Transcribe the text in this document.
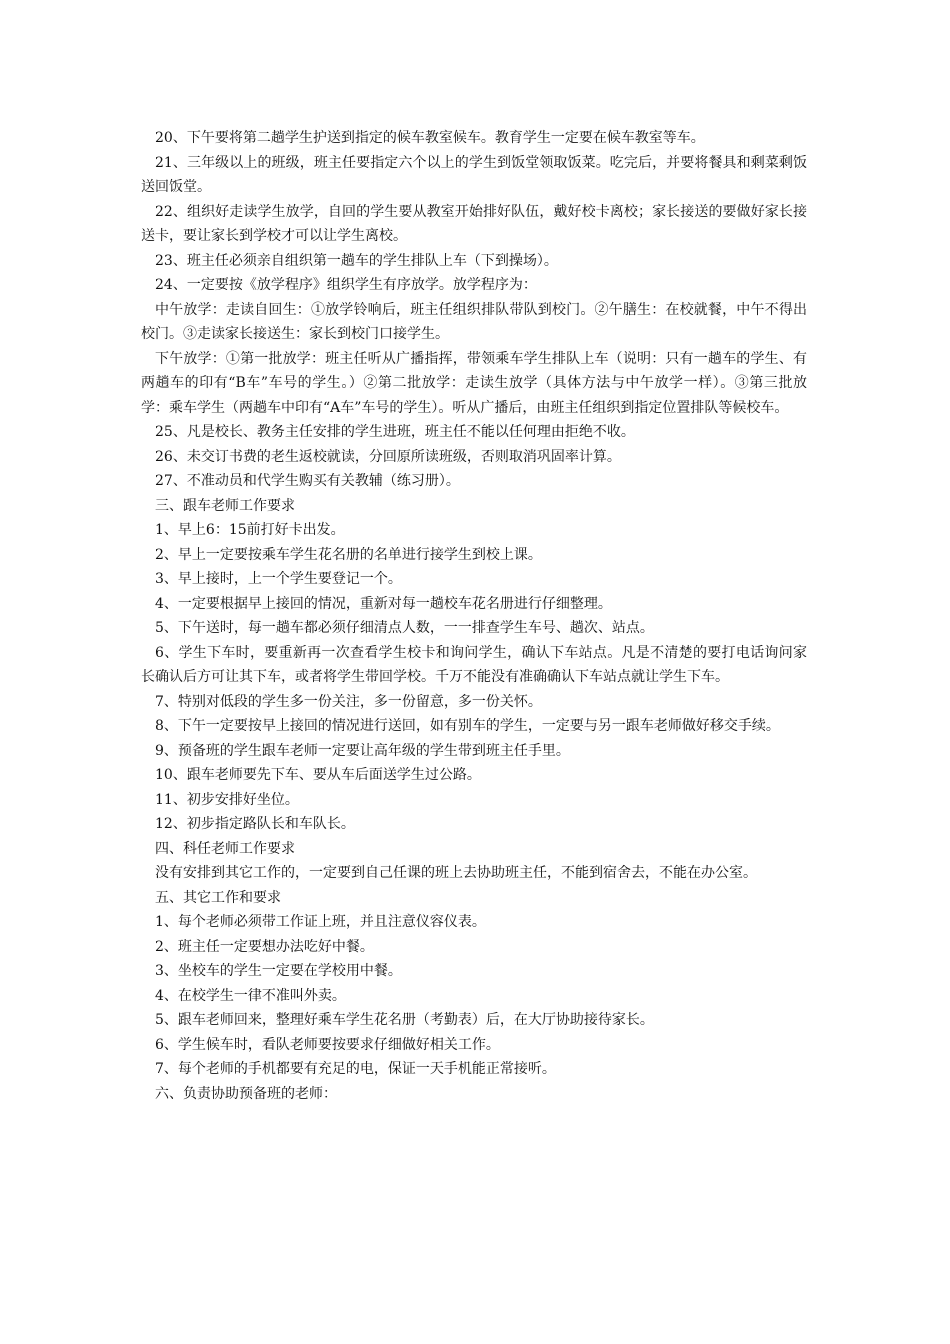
20、下午要将第二趟学生护送到指定的候车教室候车。教育学生一定要在候车教室等车。

21、三年级以上的班级，班主任要指定六个以上的学生到饭堂领取饭菜。吃完后，并要将餐具和剩菜剩饭送回饭堂。

22、组织好走读学生放学，自回的学生要从教室开始排好队伍，戴好校卡离校；家长接送的要做好家长接送卡，要让家长到学校才可以让学生离校。

23、班主任必须亲自组织第一趟车的学生排队上车（下到操场）。

24、一定要按《放学程序》组织学生有序放学。放学程序为：

中午放学：走读自回生：①放学铃响后，班主任组织排队带队到校门。②午膳生：在校就餐，中午不得出校门。③走读家长接送生：家长到校门口接学生。

下午放学：①第一批放学：班主任听从广播指挥，带领乘车学生排队上车（说明：只有一趟车的学生、有两趟车的印有“B车”车号的学生。）②第二批放学：走读生放学（具体方法与中午放学一样）。③第三批放学：乘车学生（两趟车中印有“A车”车号的学生）。听从广播后，由班主任组织到指定位置排队等候校车。

25、凡是校长、教务主任安排的学生进班，班主任不能以任何理由拒绝不收。

26、未交订书费的老生返校就读，分回原所读班级，否则取消巩固率计算。

27、不准动员和代学生购买有关教辅（练习册）。

三、跟车老师工作要求

1、早上6：15前打好卡出发。

2、早上一定要按乘车学生花名册的名单进行接学生到校上课。

3、早上接时，上一个学生要登记一个。

4、一定要根据早上接回的情况，重新对每一趟校车花名册进行仔细整理。

5、下午送时，每一趟车都必须仔细清点人数，一一排查学生车号、趟次、站点。

6、学生下车时，要重新再一次查看学生校卡和询问学生，确认下车站点。凡是不清楚的要打电话询问家长确认后方可让其下车，或者将学生带回学校。千万不能没有准确确认下车站点就让学生下车。

7、特别对低段的学生多一份关注，多一份留意，多一份关怀。

8、下午一定要按早上接回的情况进行送回，如有别车的学生，一定要与另一跟车老师做好移交手续。

9、预备班的学生跟车老师一定要让高年级的学生带到班主任手里。

10、跟车老师要先下车、要从车后面送学生过公路。

11、初步安排好坐位。

12、初步指定路队长和车队长。

四、科任老师工作要求

没有安排到其它工作的，一定要到自己任课的班上去协助班主任，不能到宿舍去，不能在办公室。

五、其它工作和要求

1、每个老师必须带工作证上班，并且注意仪容仪表。

2、班主任一定要想办法吃好中餐。

3、坐校车的学生一定要在学校用中餐。

4、在校学生一律不准叫外卖。

5、跟车老师回来，整理好乘车学生花名册（考勤表）后，在大厅协助接待家长。

6、学生候车时，看队老师要按要求仔细做好相关工作。

7、每个老师的手机都要有充足的电，保证一天手机能正常接听。

六、负责协助预备班的老师：
